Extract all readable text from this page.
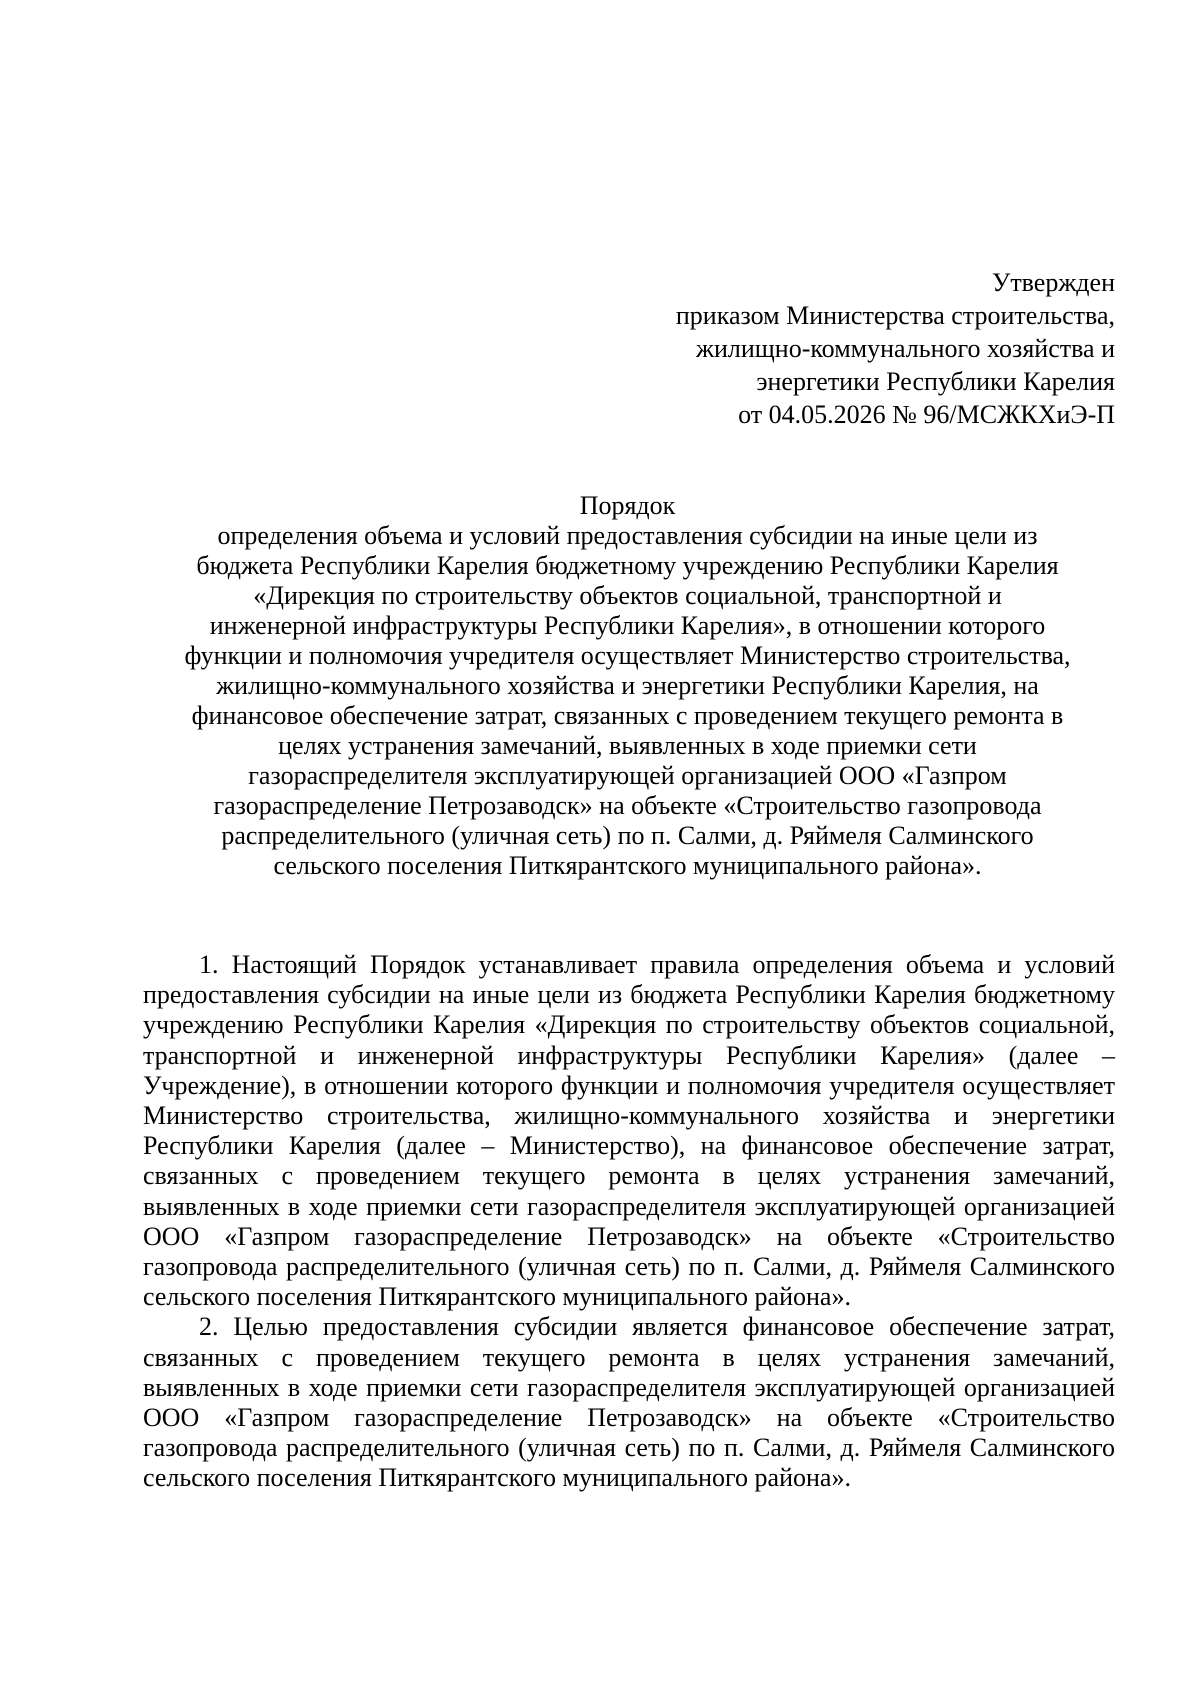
Утвержден
приказом Министерства строительства,
жилищно-коммунального хозяйства и
энергетики Республики Карелия
от 04.05.2026 № 96/МСЖКХиЭ-П
Порядок
определения объема и условий предоставления субсидии на иные цели из бюджета Республики Карелия бюджетному учреждению Республики Карелия «Дирекция по строительству объектов социальной, транспортной и инженерной инфраструктуры Республики Карелия», в отношении которого функции и полномочия учредителя осуществляет Министерство строительства, жилищно-коммунального хозяйства и энергетики Республики Карелия, на финансовое обеспечение затрат, связанных с проведением текущего ремонта в целях устранения замечаний, выявленных в ходе приемки сети газораспределителя эксплуатирующей организацией ООО «Газпром газораспределение Петрозаводск» на объекте «Строительство газопровода распределительного (уличная сеть) по п. Салми, д. Ряймеля Салминского сельского поселения Питкярантского муниципального района».

1. Настоящий Порядок устанавливает правила определения объема и условий предоставления субсидии на иные цели из бюджета Республики Карелия бюджетному учреждению Республики Карелия «Дирекция по строительству объектов социальной, транспортной и инженерной инфраструктуры Республики Карелия» (далее – Учреждение), в отношении которого функции и полномочия учредителя осуществляет Министерство строительства, жилищно-коммунального хозяйства и энергетики Республики Карелия (далее – Министерство), на финансовое обеспечение затрат, связанных с проведением текущего ремонта в целях устранения замечаний, выявленных в ходе приемки сети газораспределителя эксплуатирующей организацией ООО «Газпром газораспределение Петрозаводск» на объекте «Строительство газопровода распределительного (уличная сеть) по п. Салми, д. Ряймеля Салминского сельского поселения Питкярантского муниципального района».

2. Целью предоставления субсидии является финансовое обеспечение затрат, связанных с проведением текущего ремонта в целях устранения замечаний, выявленных в ходе приемки сети газораспределителя эксплуатирующей организацией ООО «Газпром газораспределение Петрозаводск» на объекте «Строительство газопровода распределительного (уличная сеть) по п. Салми, д. Ряймеля Салминского сельского поселения Питкярантского муниципального района».
